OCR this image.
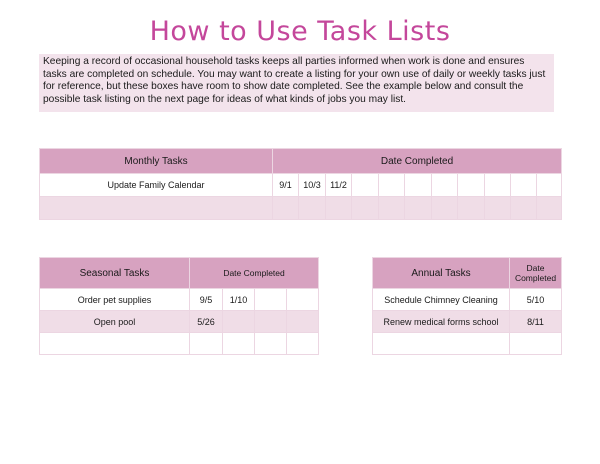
How to Use Task Lists
Keeping a record of occasional household tasks keeps all parties informed when work is done and ensures tasks are completed on schedule. You may want to create a listing for your own use of daily or weekly tasks just for reference, but these boxes have room to show date completed. See the example below and consult the possible task listing on the next page for ideas of what kinds of jobs you may list.
Monthly Tasks	Date Completed										
Update Family Calendar	9/1	10/3	11/2								

Seasonal Tasks	Date Completed			
Order pet supplies	9/5	1/10		
Open pool	5/26			

Annual Tasks	Date Completed
Schedule Chimney Cleaning	5/10
Renew medical forms school	8/11
